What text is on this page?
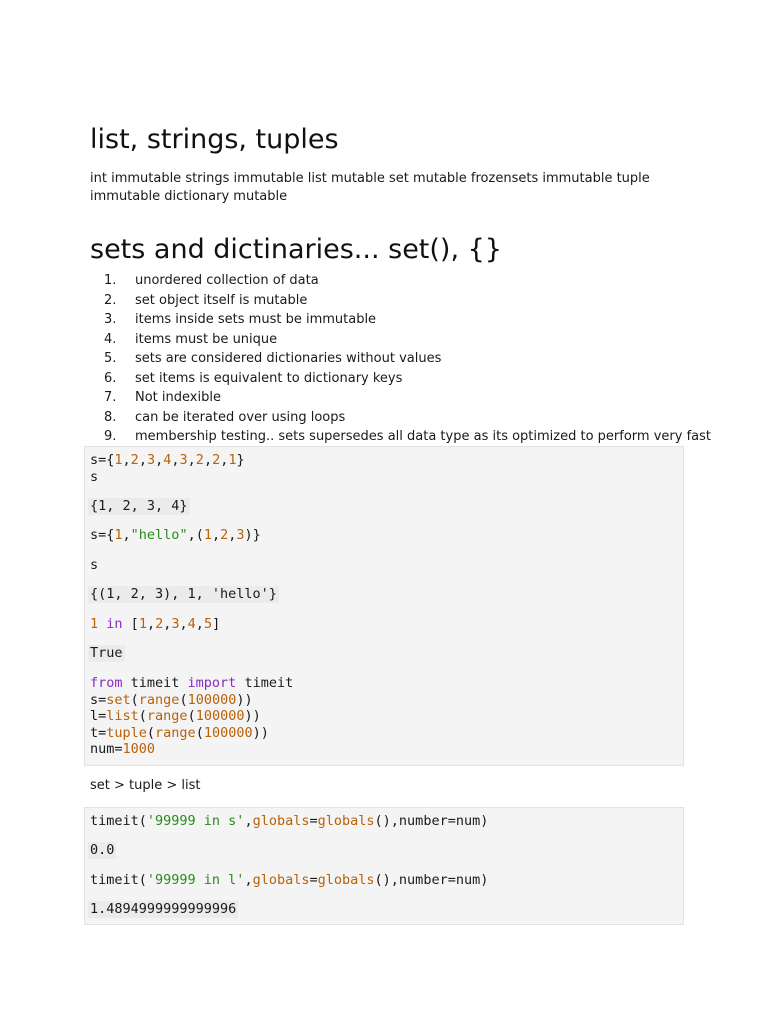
list, strings, tuples

int immutable strings immutable list mutable set mutable frozensets immutable tuple immutable dictionary mutable

sets and dictinaries... set(), {}
1. unordered collection of data
2. set object itself is mutable
3. items inside sets must be immutable
4. items must be unique
5. sets are considered dictionaries without values
6. set items is equivalent to dictionary keys
7. Not indexible
8. can be iterated over using loops
9. membership testing.. sets supersedes all data type as its optimized to perform very fast
s={1,2,3,4,3,2,2,1}
s
{1, 2, 3, 4}
s={1,"hello",(1,2,3)}
s
{(1, 2, 3), 1, 'hello'}
1 in [1,2,3,4,5]
True
from timeit import timeit
s=set(range(100000))
l=list(range(100000))
t=tuple(range(100000))
num=1000

set > tuple > list

timeit('99999 in s',globals=globals(),number=num)
0.0
timeit('99999 in l',globals=globals(),number=num)
1.4894999999999996
